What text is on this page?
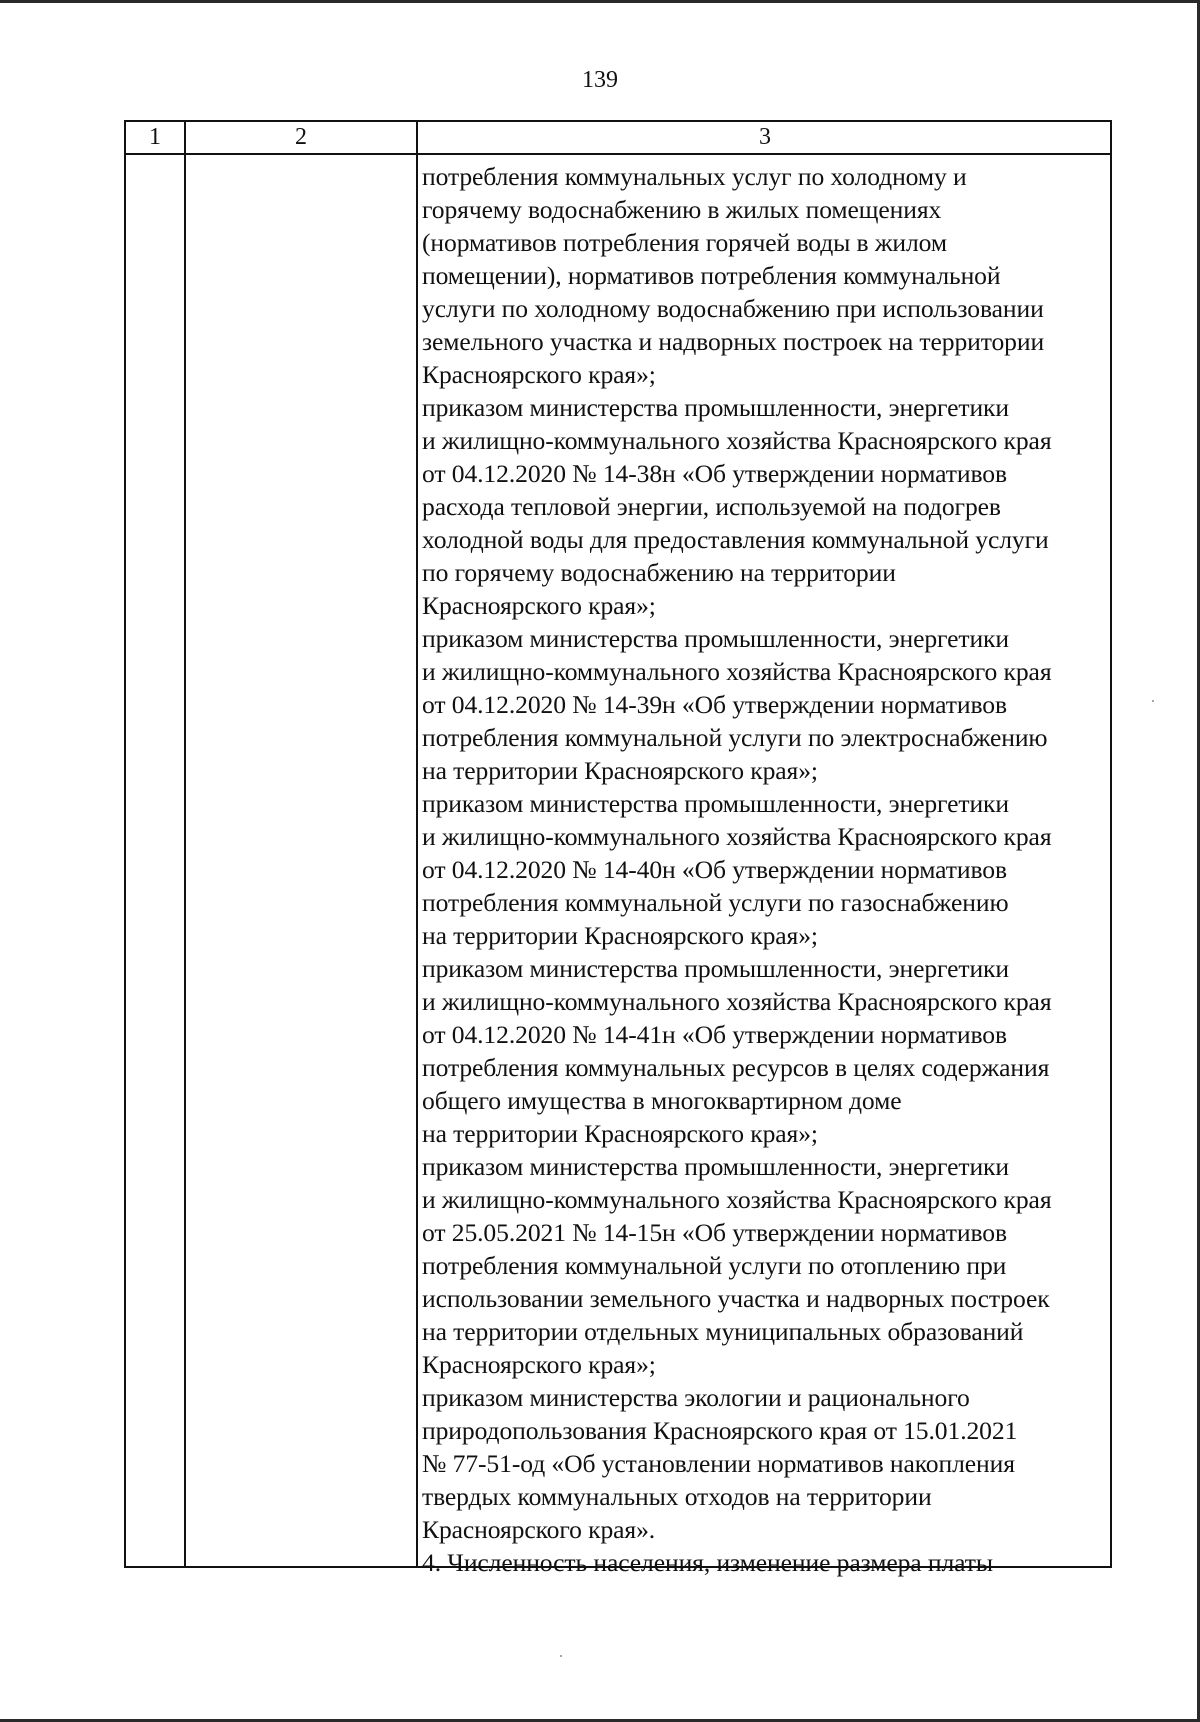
139
1	2	3
потребления коммунальных услуг по холодному и
горячему водоснабжению в жилых помещениях
(нормативов потребления горячей воды в жилом
помещении), нормативов потребления коммунальной
услуги по холодному водоснабжению при использовании
земельного участка и надворных построек на территории
Красноярского края»;
приказом министерства промышленности, энергетики
и жилищно-коммунального хозяйства Красноярского края
от 04.12.2020 № 14-38н «Об утверждении нормативов
расхода тепловой энергии, используемой на подогрев
холодной воды для предоставления коммунальной услуги
по горячему водоснабжению на территории
Красноярского края»;
приказом министерства промышленности, энергетики
и жилищно-коммунального хозяйства Красноярского края
от 04.12.2020 № 14-39н «Об утверждении нормативов
потребления коммунальной услуги по электроснабжению
на территории Красноярского края»;
приказом министерства промышленности, энергетики
и жилищно-коммунального хозяйства Красноярского края
от 04.12.2020 № 14-40н «Об утверждении нормативов
потребления коммунальной услуги по газоснабжению
на территории Красноярского края»;
приказом министерства промышленности, энергетики
и жилищно-коммунального хозяйства Красноярского края
от 04.12.2020 № 14-41н «Об утверждении нормативов
потребления коммунальных ресурсов в целях содержания
общего имущества в многоквартирном доме
на территории Красноярского края»;
приказом министерства промышленности, энергетики
и жилищно-коммунального хозяйства Красноярского края
от 25.05.2021 № 14-15н «Об утверждении нормативов
потребления коммунальной услуги по отоплению при
использовании земельного участка и надворных построек
на территории отдельных муниципальных образований
Красноярского края»;
приказом министерства экологии и рационального
природопользования Красноярского края от 15.01.2021
№ 77-51-од «Об установлении нормативов накопления
твердых коммунальных отходов на территории
Красноярского края».
4. Численность населения, изменение размера платы
